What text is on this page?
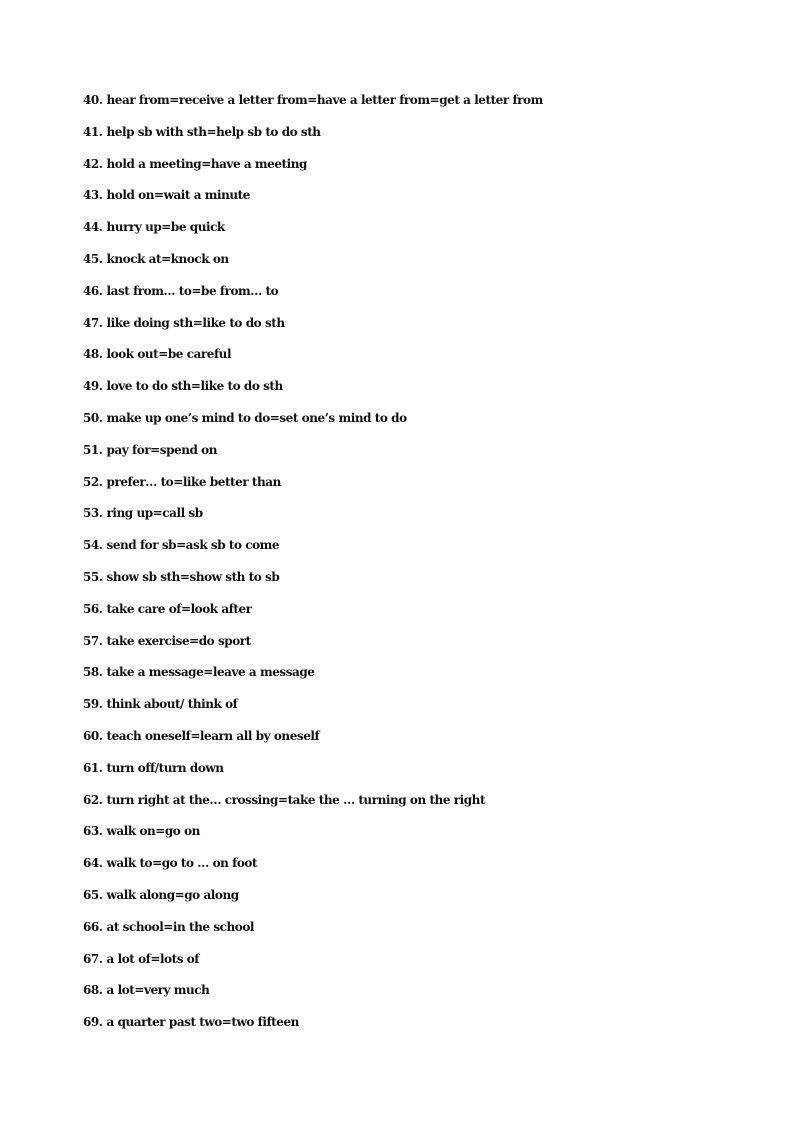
40. hear from=receive a letter from=have a letter from=get a letter from
41. help sb with sth=help sb to do sth
42. hold a meeting=have a meeting
43. hold on=wait a minute
44. hurry up=be quick
45. knock at=knock on
46. last from… to=be from… to
47. like doing sth=like to do sth
48. look out=be careful
49. love to do sth=like to do sth
50. make up one’s mind to do=set one’s mind to do
51. pay for=spend on
52. prefer… to=like better than
53. ring up=call sb
54. send for sb=ask sb to come
55. show sb sth=show sth to sb
56. take care of=look after
57. take exercise=do sport
58. take a message=leave a message
59. think about/ think of
60. teach oneself=learn all by oneself
61. turn off/turn down
62. turn right at the… crossing=take the … turning on the right
63. walk on=go on
64. walk to=go to … on foot
65. walk along=go along
66. at school=in the school
67. a lot of=lots of
68. a lot=very much
69. a quarter past two=two fifteen
